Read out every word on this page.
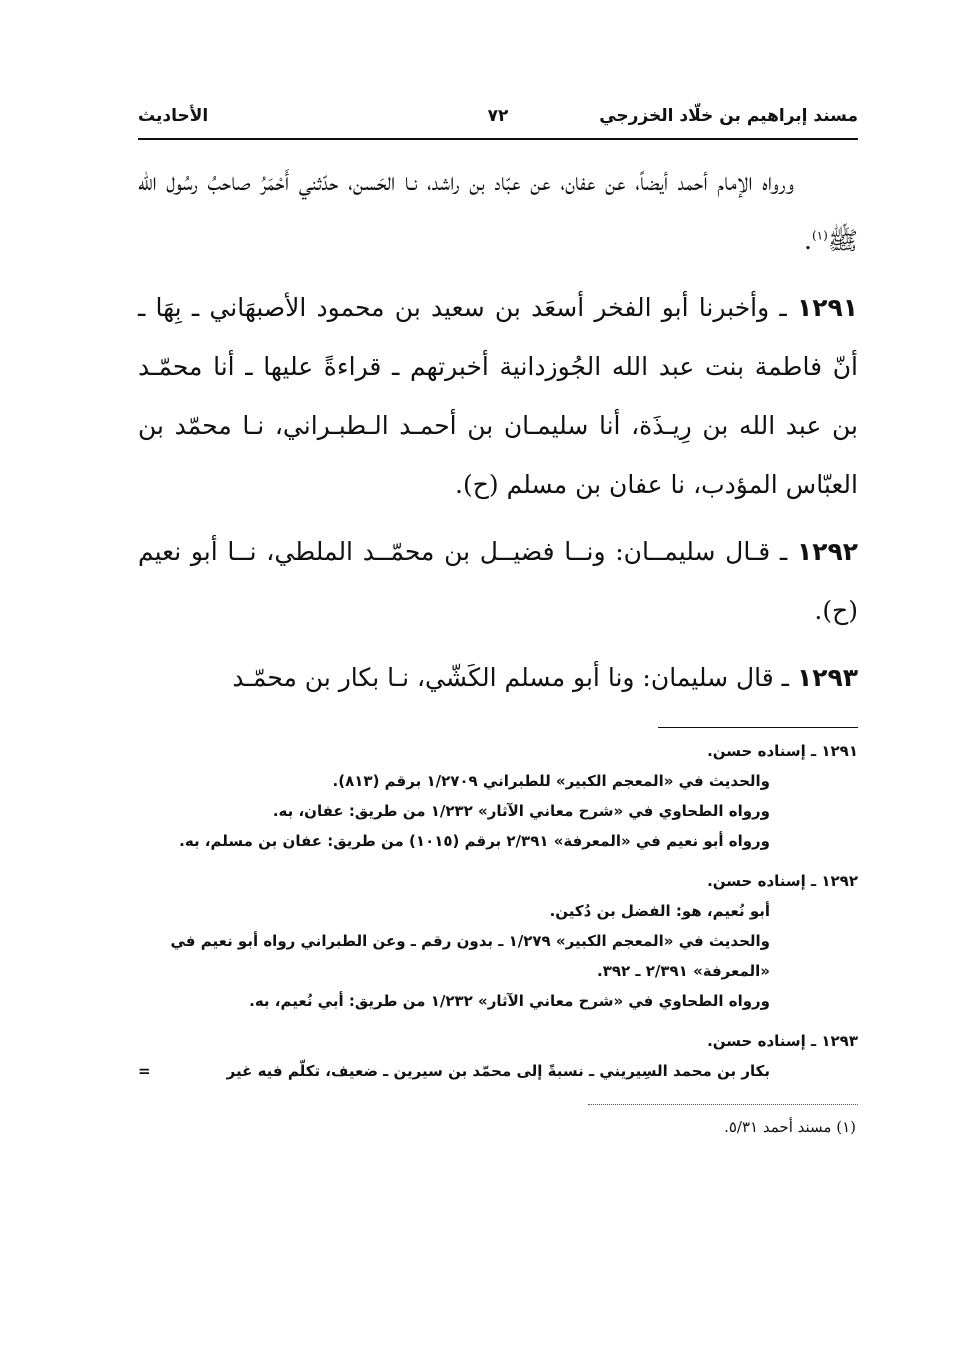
مسند إبراهيم بن خلّاد الخزرجي
٧٢
الأحاديث

ورواه الإمام أحمد أيضاً، عن عفان، عن عبّاد بن راشد، نـا الحَسن، حدّثني أَحْمَرُ صاحبُ رسُول الله ﷺ$^{(١)}$.

١٢٩١ ـ وأخبرنا أبو الفخر أسعَد بن سعيد بن محمود الأصبهَاني ـ بِهَا ـ أنّ فاطمة بنت عبد الله الجُوزدانية أخبرتهم ـ قراءةً عليها ـ أنا محمّـد بن عبد الله بن رِيـذَة، أنا سليمـان بن أحمـد الـطبـراني، نـا محمّد بن العبّاس المؤدب، نا عفان بن مسلم (ح).

١٢٩٢ ـ قـال سليمــان: ونــا فضيــل بن محمّــد الملطي، نــا أبو نعيم (ح).

١٢٩٣ ـ قال سليمان: ونا أبو مسلم الكَشّي، نـا بكار بن محمّـد

١٢٩١ ـ إسناده حسن.
والحديث في «المعجم الكبير» للطبراني ١/٢٧٠٩ برقم (٨١٣).
ورواه الطحاوي في «شرح معاني الآثار» ١/٢٣٢ من طريق: عفان، به.
ورواه أبو نعيم في «المعرفة» ٢/٣٩١ برقم (١٠١٥) من طريق: عفان بن مسلم، به.
١٢٩٢ ـ إسناده حسن.
أبو نُعيم، هو: الفضل بن دُكين.
والحديث في «المعجم الكبير» ١/٢٧٩ ـ بدون رقم ـ وعن الطبراني رواه أبو نعيم في «المعرفة» ٢/٣٩١ ـ ٣٩٢.
ورواه الطحاوي في «شرح معاني الآثار» ١/٢٣٢ من طريق: أبي نُعيم، به.
١٢٩٣ ـ إسناده حسن.
بكار بن محمد السِيريني ـ نسبةً إلى محمّد بن سيرين ـ ضعيف، تكلّم فيه غير
=
(١) مسند أحمد ٥/٣١.
